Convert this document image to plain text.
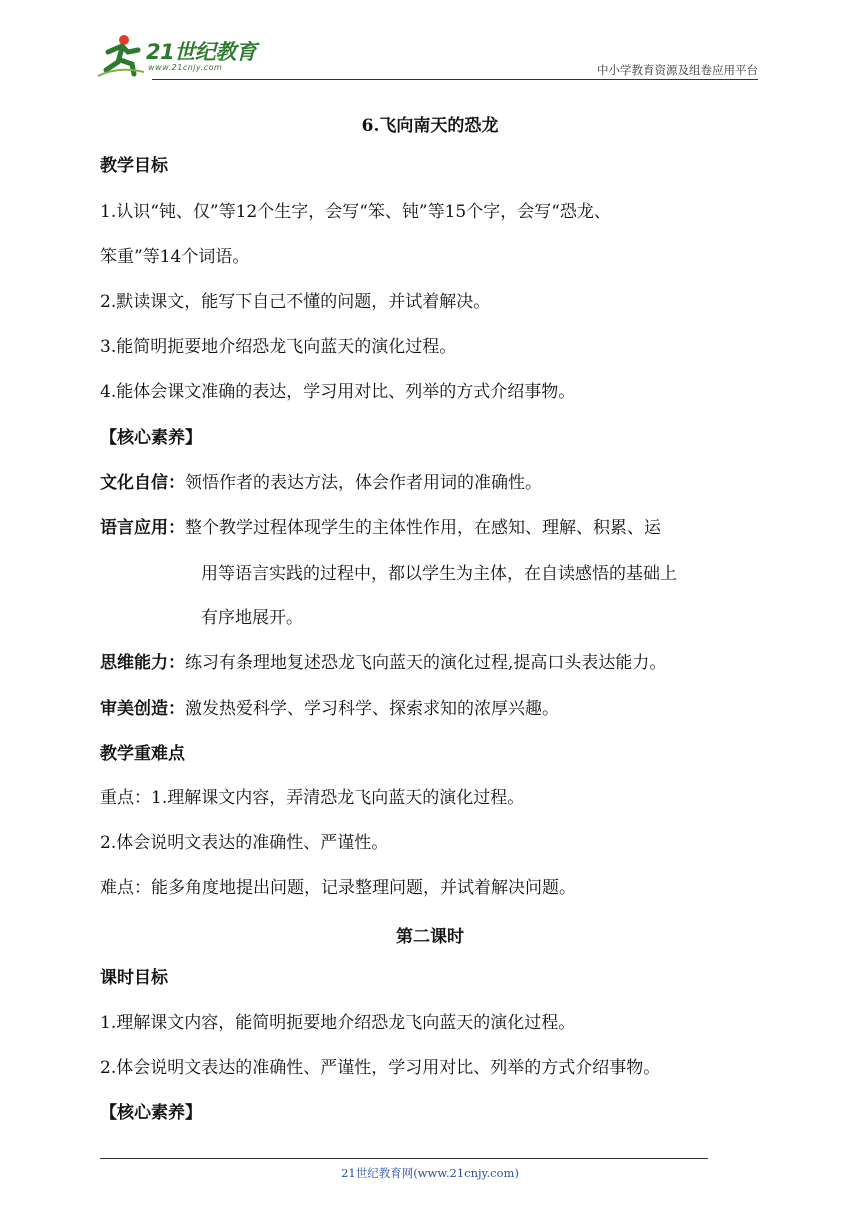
21世纪教育
www.21cnjy.com	中小学教育资源及组卷应用平台
6.飞向南天的恐龙
教学目标
1.认识“钝、仅”等12个生字，会写“笨、钝”等15个字，会写“恐龙、
笨重”等14个词语。
2.默读课文，能写下自己不懂的问题，并试着解决。
3.能简明扼要地介绍恐龙飞向蓝天的演化过程。
4.能体会课文准确的表达，学习用对比、列举的方式介绍事物。
【核心素养】
文化自信：领悟作者的表达方法，体会作者用词的准确性。
语言应用：整个教学过程体现学生的主体性作用，在感知、理解、积累、运
用等语言实践的过程中，都以学生为主体，在自读感悟的基础上
有序地展开。
思维能力：练习有条理地复述恐龙飞向蓝天的演化过程,提高口头表达能力。
审美创造：激发热爱科学、学习科学、探索求知的浓厚兴趣。
教学重难点
重点：1.理解课文内容，弄清恐龙飞向蓝天的演化过程。
2.体会说明文表达的准确性、严谨性。
难点：能多角度地提出问题，记录整理问题，并试着解决问题。
第二课时
课时目标
1.理解课文内容，能简明扼要地介绍恐龙飞向蓝天的演化过程。
2.体会说明文表达的准确性、严谨性，学习用对比、列举的方式介绍事物。
【核心素养】
21世纪教育网(www.21cnjy.com)
